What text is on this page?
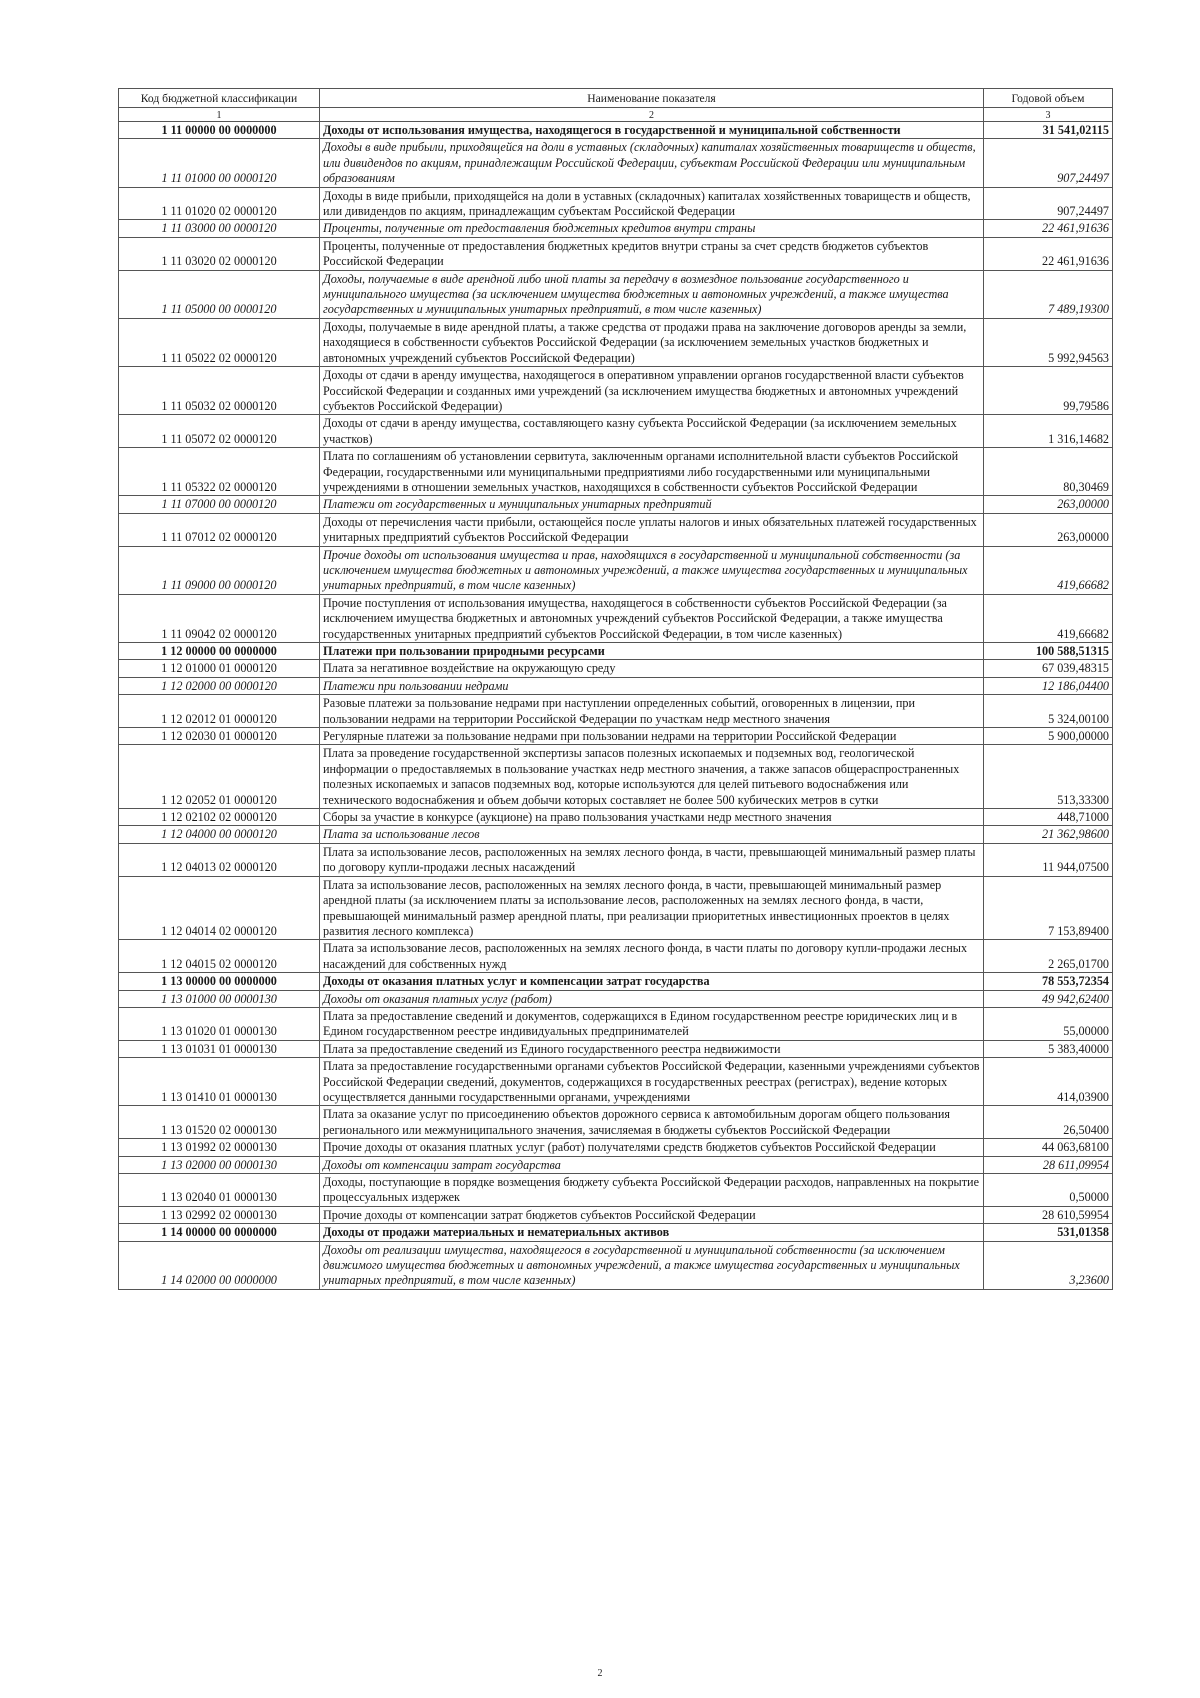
Код бюджетной классификации	Наименование показателя	Годовой объем
1	2	3
1 11 00000 00 0000000	Доходы от использования имущества, находящегося в государственной и муниципальной собственности	31 541,02115
1 11 01000 00 0000120	Доходы в виде прибыли, приходящейся на доли в уставных (складочных) капиталах хозяйственных товариществ и обществ, или дивидендов по акциям, принадлежащим Российской Федерации, субъектам Российской Федерации или муниципальным образованиям	907,24497
1 11 01020 02 0000120	Доходы в виде прибыли, приходящейся на доли в уставных (складочных) капиталах хозяйственных товариществ и обществ, или дивидендов по акциям, принадлежащим субъектам Российской Федерации	907,24497
1 11 03000 00 0000120	Проценты, полученные от предоставления бюджетных кредитов внутри страны	22 461,91636
1 11 03020 02 0000120	Проценты, полученные от предоставления бюджетных кредитов внутри страны за счет средств бюджетов субъектов Российской Федерации	22 461,91636
1 11 05000 00 0000120	Доходы, получаемые в виде арендной либо иной платы за передачу в возмездное пользование государственного и муниципального имущества (за исключением имущества бюджетных и автономных учреждений, а также имущества государственных и муниципальных унитарных предприятий, в том числе казенных)	7 489,19300
1 11 05022 02 0000120	Доходы, получаемые в виде арендной платы, а также средства от продажи права на заключение договоров аренды за земли, находящиеся в собственности субъектов Российской Федерации (за исключением земельных участков бюджетных и автономных учреждений субъектов Российской Федерации)	5 992,94563
1 11 05032 02 0000120	Доходы от сдачи в аренду имущества, находящегося в оперативном управлении органов государственной власти субъектов Российской Федерации и созданных ими учреждений (за исключением имущества бюджетных и автономных учреждений субъектов Российской Федерации)	99,79586
1 11 05072 02 0000120	Доходы от сдачи в аренду имущества, составляющего казну субъекта Российской Федерации (за исключением земельных участков)	1 316,14682
1 11 05322 02 0000120	Плата по соглашениям об установлении сервитута, заключенным органами исполнительной власти субъектов Российской Федерации, государственными или муниципальными предприятиями либо государственными или муниципальными учреждениями в отношении земельных участков, находящихся в собственности субъектов Российской Федерации	80,30469
1 11 07000 00 0000120	Платежи от государственных и муниципальных унитарных предприятий	263,00000
1 11 07012 02 0000120	Доходы от перечисления части прибыли, остающейся после уплаты налогов и иных обязательных платежей государственных унитарных предприятий субъектов Российской Федерации	263,00000
1 11 09000 00 0000120	Прочие доходы от использования имущества и прав, находящихся в государственной и муниципальной собственности (за исключением имущества бюджетных и автономных учреждений, а также имущества государственных и муниципальных унитарных предприятий, в том числе казенных)	419,66682
1 11 09042 02 0000120	Прочие поступления от использования имущества, находящегося в собственности субъектов Российской Федерации (за исключением имущества бюджетных и автономных учреждений субъектов Российской Федерации, а также имущества государственных унитарных предприятий субъектов Российской Федерации, в том числе казенных)	419,66682
1 12 00000 00 0000000	Платежи при пользовании природными ресурсами	100 588,51315
1 12 01000 01 0000120	Плата за негативное воздействие на окружающую среду	67 039,48315
1 12 02000 00 0000120	Платежи при пользовании недрами	12 186,04400
1 12 02012 01 0000120	Разовые платежи за пользование недрами при наступлении определенных событий, оговоренных в лицензии, при пользовании недрами на территории Российской Федерации по участкам недр местного значения	5 324,00100
1 12 02030 01 0000120	Регулярные платежи за пользование недрами при пользовании недрами на территории Российской Федерации	5 900,00000
1 12 02052 01 0000120	Плата за проведение государственной экспертизы запасов полезных ископаемых и подземных вод, геологической информации о предоставляемых в пользование участках недр местного значения, а также запасов общераспространенных полезных ископаемых и запасов подземных вод, которые используются для целей питьевого водоснабжения или технического водоснабжения и объем добычи которых составляет не более 500 кубических метров в сутки	513,33300
1 12 02102 02 0000120	Сборы за участие в конкурсе (аукционе) на право пользования участками недр местного значения	448,71000
1 12 04000 00 0000120	Плата за использование лесов	21 362,98600
1 12 04013 02 0000120	Плата за использование лесов, расположенных на землях лесного фонда, в части, превышающей минимальный размер платы по договору купли-продажи лесных насаждений	11 944,07500
1 12 04014 02 0000120	Плата за использование лесов, расположенных на землях лесного фонда, в части, превышающей минимальный размер арендной платы (за исключением платы за использование лесов, расположенных на землях лесного фонда, в части, превышающей минимальный размер арендной платы, при реализации приоритетных инвестиционных проектов в целях развития лесного комплекса)	7 153,89400
1 12 04015 02 0000120	Плата за использование лесов, расположенных на землях лесного фонда, в части платы по договору купли-продажи лесных насаждений для собственных нужд	2 265,01700
1 13 00000 00 0000000	Доходы от оказания платных услуг и компенсации затрат государства	78 553,72354
1 13 01000 00 0000130	Доходы от оказания платных услуг (работ)	49 942,62400
1 13 01020 01 0000130	Плата за предоставление сведений и документов, содержащихся в Едином государственном реестре юридических лиц и в Едином государственном реестре индивидуальных предпринимателей	55,00000
1 13 01031 01 0000130	Плата за предоставление сведений из Единого государственного реестра недвижимости	5 383,40000
1 13 01410 01 0000130	Плата за предоставление государственными органами субъектов Российской Федерации, казенными учреждениями субъектов Российской Федерации сведений, документов, содержащихся в государственных реестрах (регистрах), ведение которых осуществляется данными государственными органами, учреждениями	414,03900
1 13 01520 02 0000130	Плата за оказание услуг по присоединению объектов дорожного сервиса к автомобильным дорогам общего пользования регионального или межмуниципального значения, зачисляемая в бюджеты субъектов Российской Федерации	26,50400
1 13 01992 02 0000130	Прочие доходы от оказания платных услуг (работ) получателями средств бюджетов субъектов Российской Федерации	44 063,68100
1 13 02000 00 0000130	Доходы от компенсации затрат государства	28 611,09954
1 13 02040 01 0000130	Доходы, поступающие в порядке возмещения бюджету субъекта Российской Федерации расходов, направленных на покрытие процессуальных издержек	0,50000
1 13 02992 02 0000130	Прочие доходы от компенсации затрат бюджетов субъектов Российской Федерации	28 610,59954
1 14 00000 00 0000000	Доходы от продажи материальных и нематериальных активов	531,01358
1 14 02000 00 0000000	Доходы от реализации имущества, находящегося в государственной и муниципальной собственности (за исключением движимого имущества бюджетных и автономных учреждений, а также имущества государственных и муниципальных унитарных предприятий, в том числе казенных)	3,23600
2
